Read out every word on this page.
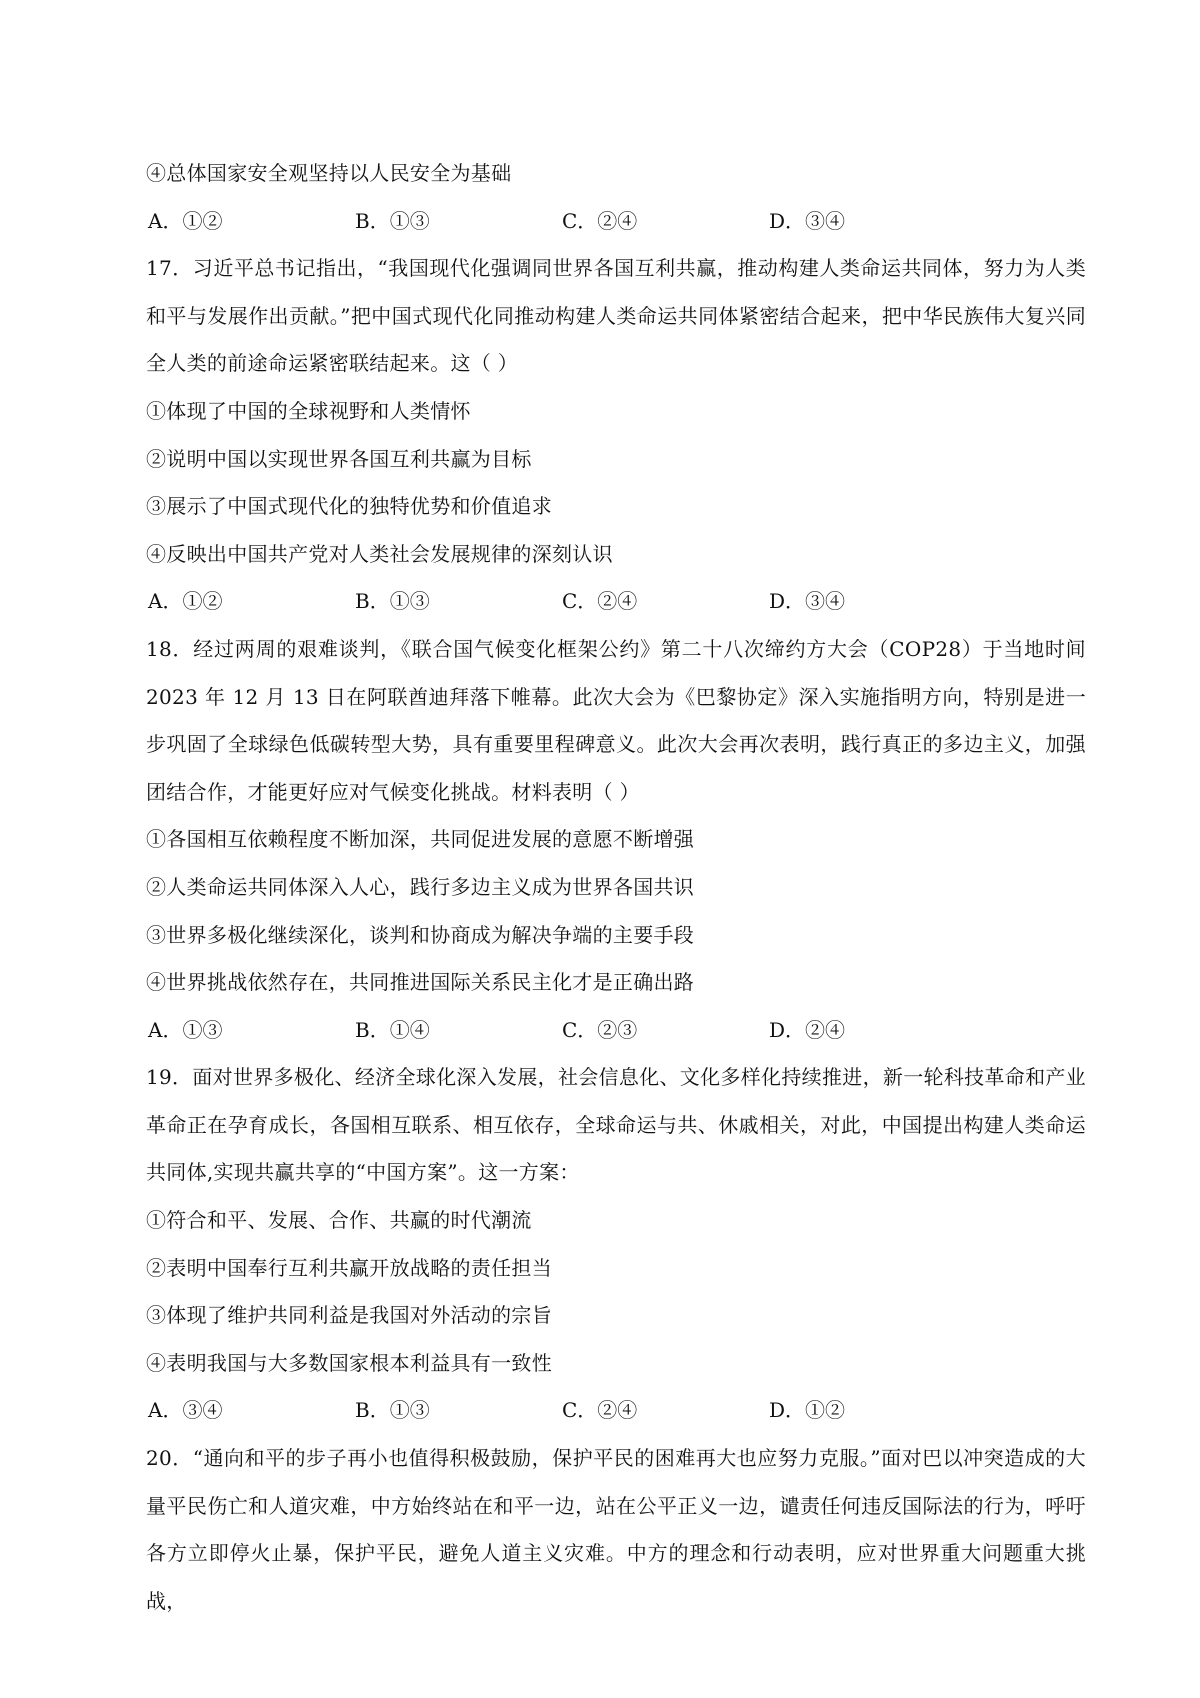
④总体国家安全观坚持以人民安全为基础
A．①②	B．①③	C．②④	D．③④
17．习近平总书记指出，“我国现代化强调同世界各国互利共赢，推动构建人类命运共同体，努力为人类和平与发展作出贡献。”把中国式现代化同推动构建人类命运共同体紧密结合起来，把中华民族伟大复兴同全人类的前途命运紧密联结起来。这（ ）
①体现了中国的全球视野和人类情怀
②说明中国以实现世界各国互利共赢为目标
③展示了中国式现代化的独特优势和价值追求
④反映出中国共产党对人类社会发展规律的深刻认识
A．①②	B．①③	C．②④	D．③④
18．经过两周的艰难谈判，《联合国气候变化框架公约》第二十八次缔约方大会（COP28）于当地时间 2023 年 12 月 13 日在阿联酋迪拜落下帷幕。此次大会为《巴黎协定》深入实施指明方向，特别是进一步巩固了全球绿色低碳转型大势，具有重要里程碑意义。此次大会再次表明，践行真正的多边主义，加强团结合作，才能更好应对气候变化挑战。材料表明（ ）
①各国相互依赖程度不断加深，共同促进发展的意愿不断增强
②人类命运共同体深入人心，践行多边主义成为世界各国共识
③世界多极化继续深化，谈判和协商成为解决争端的主要手段
④世界挑战依然存在，共同推进国际关系民主化才是正确出路
A．①③	B．①④	C．②③	D．②④
19．面对世界多极化、经济全球化深入发展，社会信息化、文化多样化持续推进，新一轮科技革命和产业革命正在孕育成长，各国相互联系、相互依存，全球命运与共、休戚相关，对此，中国提出构建人类命运共同体,实现共赢共享的“中国方案”。这一方案：
①符合和平、发展、合作、共赢的时代潮流
②表明中国奉行互利共赢开放战略的责任担当
③体现了维护共同利益是我国对外活动的宗旨
④表明我国与大多数国家根本利益具有一致性
A．③④	B．①③	C．②④	D．①②
20．“通向和平的步子再小也值得积极鼓励，保护平民的困难再大也应努力克服。”面对巴以冲突造成的大量平民伤亡和人道灾难，中方始终站在和平一边，站在公平正义一边，谴责任何违反国际法的行为，呼吁各方立即停火止暴，保护平民，避免人道主义灾难。中方的理念和行动表明，应对世界重大问题重大挑战，
